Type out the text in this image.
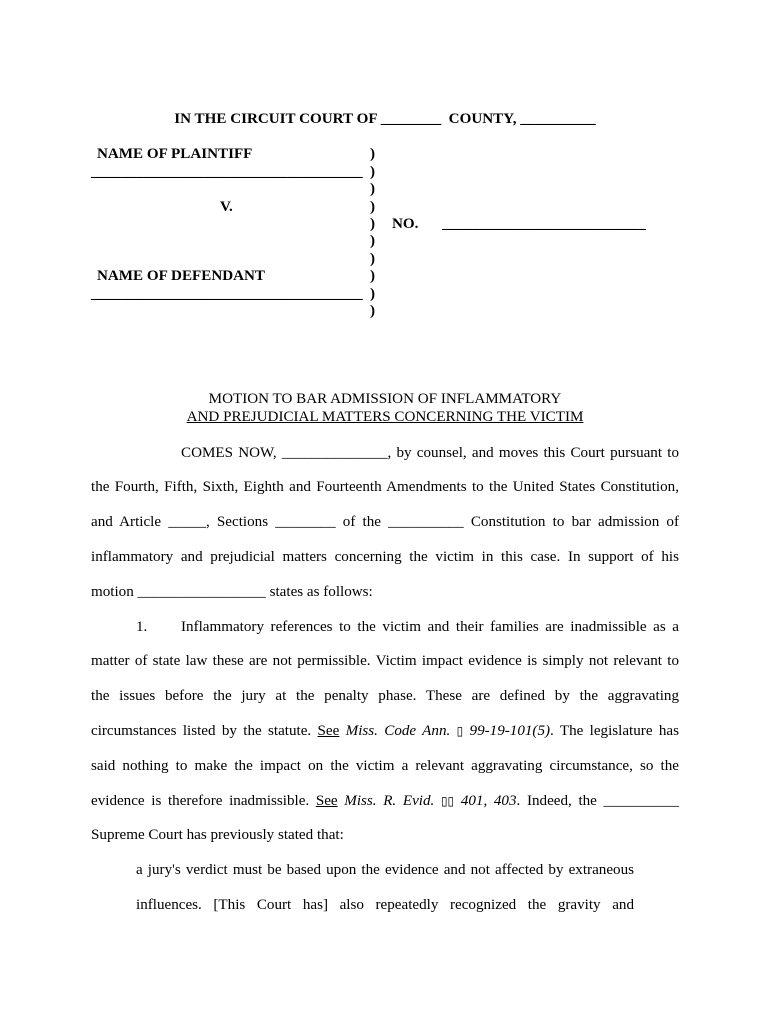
IN THE CIRCUIT COURT OF ________  COUNTY, __________
NAME OF PLAINTIFF
____________________________________
V.
NO. ___________________________
NAME OF DEFENDANT
____________________________________
)
)
)
)
)
)
)
)
)
)
MOTION TO BAR ADMISSION OF INFLAMMATORY
AND PREJUDICIAL MATTERS CONCERNING THE VICTIM
COMES NOW, ______________, by counsel, and moves this Court pursuant to
the Fourth, Fifth, Sixth, Eighth and Fourteenth Amendments to the United States Constitution,
and Article _____, Sections ________ of the __________ Constitution to bar admission of
inflammatory and prejudicial matters concerning the victim in this case. In support of his
motion _________________ states as follows:
1. Inflammatory references to the victim and their families are inadmissible as a
matter of state law these are not permissible. Victim impact evidence is simply not relevant to
the issues before the jury at the penalty phase. These are defined by the aggravating
circumstances listed by the statute. See Miss. Code Ann. ▯ 99-19-101(5). The legislature has
said nothing to make the impact on the victim a relevant aggravating circumstance, so the
evidence is therefore inadmissible. See Miss. R. Evid. ▯▯ 401, 403. Indeed, the __________
Supreme Court has previously stated that:
a jury's verdict must be based upon the evidence and not affected by extraneous
influences. [This Court has] also repeatedly recognized the gravity and
